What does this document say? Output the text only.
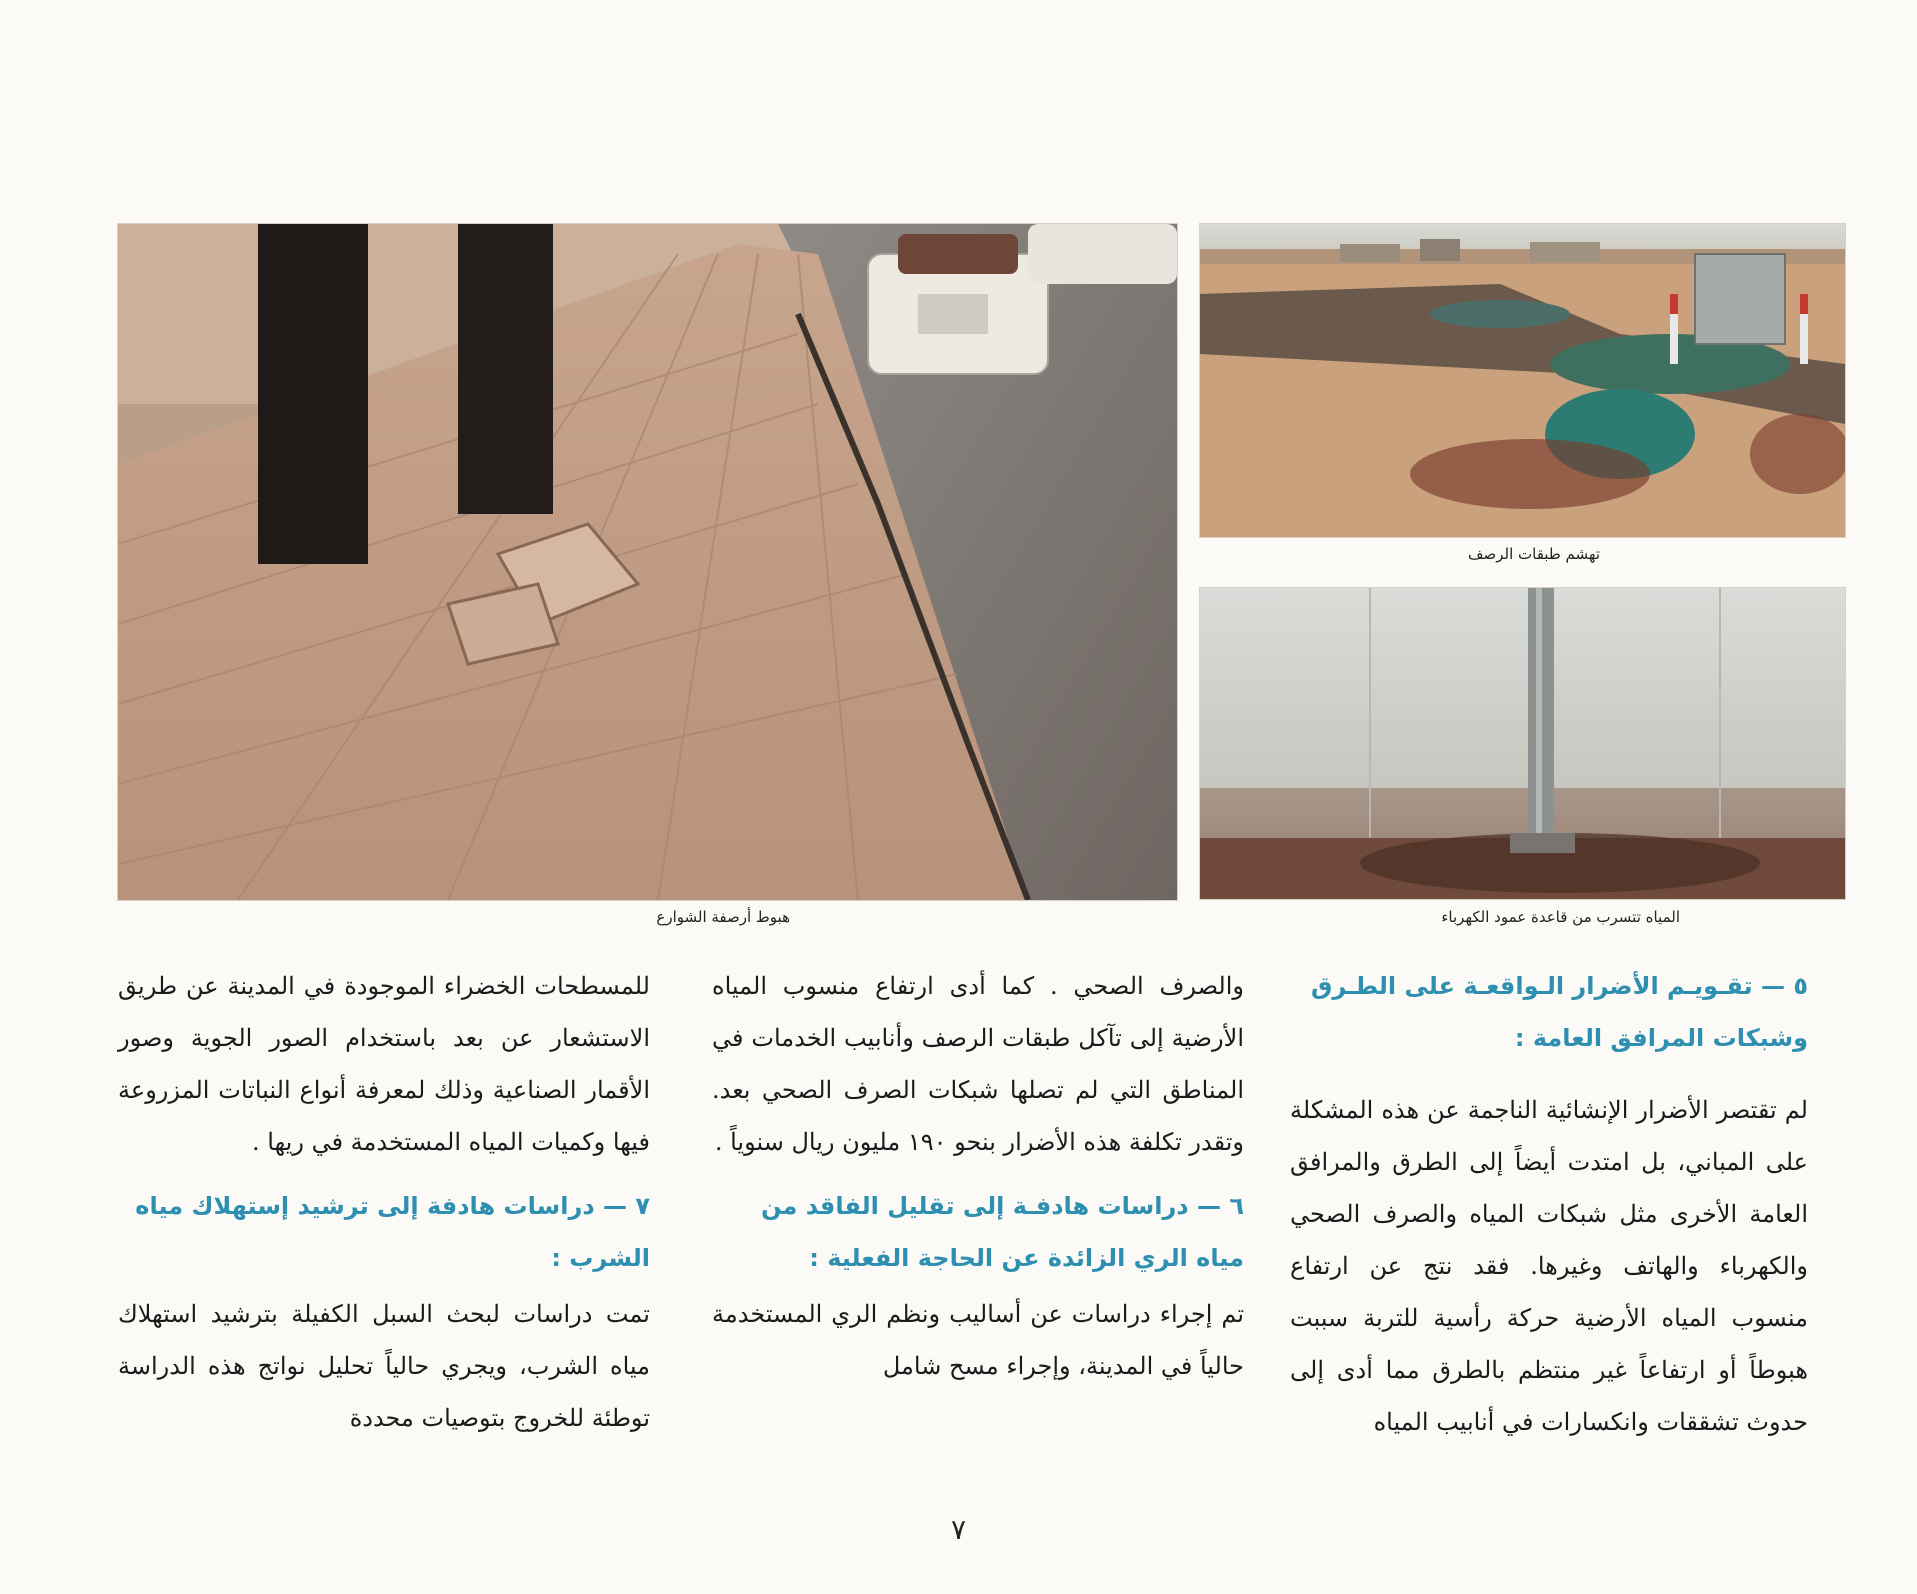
هبوط أرصفة الشوارع
تهشم طبقات الرصف
المياه تتسرب من قاعدة عمود الكهرباء
٥ — تقـويـم الأضرار الـواقعـة على الطـرق وشبكات المرافق العامة :

لم تقتصر الأضرار الإنشائية الناجمة عن هذه المشكلة على المباني، بل امتدت أيضاً إلى الطرق والمرافق العامة الأخرى مثل شبكات المياه والصرف الصحي والكهرباء والهاتف وغيرها. فقد نتج عن ارتفاع منسوب المياه الأرضية حركة رأسية للتربة سببت هبوطاً أو ارتفاعاً غير منتظم بالطرق مما أدى إلى حدوث تشققات وانكسارات في أنابيب المياه

والصرف الصحي . كما أدى ارتفاع منسوب المياه الأرضية إلى تآكل طبقات الرصف وأنابيب الخدمات في المناطق التي لم تصلها شبكات الصرف الصحي بعد. وتقدر تكلفة هذه الأضرار بنحو ١٩٠ مليون ريال سنوياً .

٦ — دراسات هادفـة إلى تقليل الفاقد من مياه الري الزائدة عن الحاجة الفعلية :

تم إجراء دراسات عن أساليب ونظم الري المستخدمة حالياً في المدينة، وإجراء مسح شامل

للمسطحات الخضراء الموجودة في المدينة عن طريق الاستشعار عن بعد باستخدام الصور الجوية وصور الأقمار الصناعية وذلك لمعرفة أنواع النباتات المزروعة فيها وكميات المياه المستخدمة في ريها .

٧ — دراسات هادفة إلى ترشيد إستهلاك مياه الشرب :

تمت دراسات لبحث السبل الكفيلة بترشيد استهلاك مياه الشرب، ويجري حالياً تحليل نواتج هذه الدراسة توطئة للخروج بتوصيات محددة

٧
